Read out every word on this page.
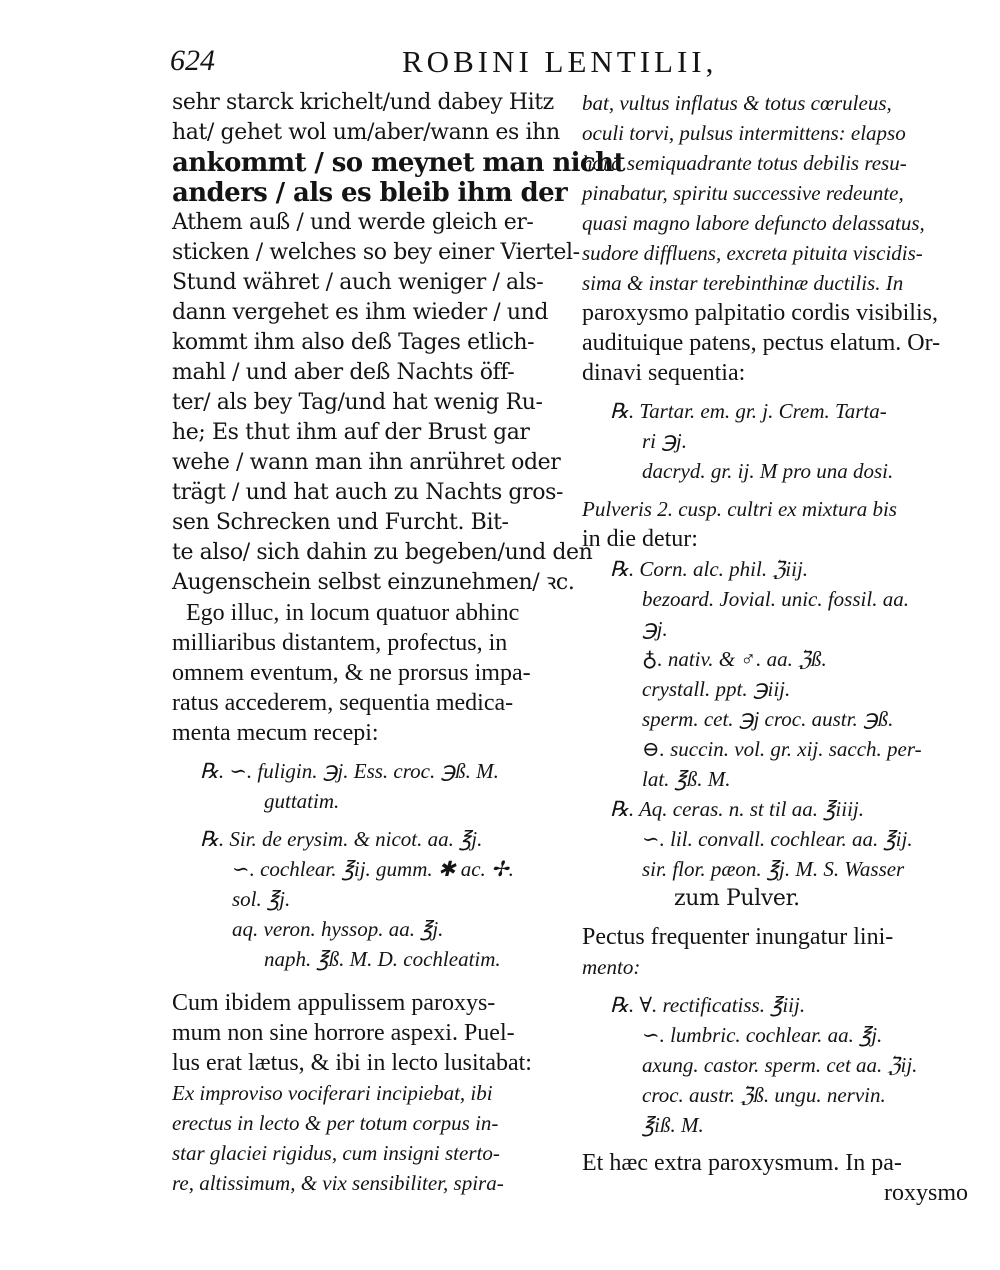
624	ROBINI LENTILII,
sehr starck krichelt/und dabey Hitz
hat/ gehet wol um/aber/wann es ihn
ankommt / so meynet man nicht
anders / als es bleib ihm der
Athem auß / und werde gleich er-
sticken / welches so bey einer Viertel-
Stund währet / auch weniger / als-
dann vergehet es ihm wieder / und
kommt ihm also deß Tages etlich-
mahl / und aber deß Nachts öff-
ter/ als bey Tag/und hat wenig Ru-
he; Es thut ihm auf der Brust gar
wehe / wann man ihn anrühret oder
trägt / und hat auch zu Nachts gros-
sen Schrecken und Furcht. Bit-
te also/ sich dahin zu begeben/und den
Augenschein selbst einzunehmen/ ꝛc.
Ego illuc, in locum quatuor abhinc
milliaribus distantem, profectus, in
omnem eventum, & ne prorsus impa-
ratus accederem, sequentia medica-
menta mecum recepi:
℞. ∽. fuligin. ℈j. Ess. croc. ℈ß. M.
guttatim.
℞. Sir. de erysim. & nicot. aa. ℥j.
∽. cochlear. ℥ij. gumm. ✱ ac. ✢.
sol. ℥j.
aq. veron. hyssop. aa. ℥j.
naph. ℥ß. M. D. cochleatim.
Cum ibidem appulissem paroxys-
mum non sine horrore aspexi. Puel-
lus erat lætus, & ibi in lecto lusitabat:
Ex improviso vociferari incipiebat, ibi
erectus in lecto & per totum corpus in-
star glaciei rigidus, cum insigni sterto-
re, altissimum, & vix sensibiliter, spira-
bat, vultus inflatus & totus cœruleus,
oculi torvi, pulsus intermittens: elapso
hora semiquadrante totus debilis resu-
pinabatur, spiritu successive redeunte,
quasi magno labore defuncto delassatus,
sudore diffluens, excreta pituita viscidis-
sima & instar terebinthinæ ductilis. In
paroxysmo palpitatio cordis visibilis,
audituique patens, pectus elatum. Or-
dinavi sequentia:
℞. Tartar. em. gr. j. Crem. Tarta-
ri ℈j.
dacryd. gr. ij. M pro una dosi.
Pulveris 2. cusp. cultri ex mixtura bis
in die detur:
℞. Corn. alc. phil. ℨiij.
bezoard. Jovial. unic. fossil. aa.
℈j.
♁. nativ. & ♂. aa. ℨß.
crystall. ppt. ℈iij.
sperm. cet. ℈j croc. austr. ℈ß.
⊖. succin. vol. gr. xij. sacch. per-
lat. ℥ß. M.
℞. Aq. ceras. n. st til aa. ℥iiij.
∽. lil. convall. cochlear. aa. ℥ij.
sir. flor. pæon. ℥j. M. S. Wasser
zum Pulver.
Pectus frequenter inungatur lini-
mento:
℞. ∀. rectificatiss. ℥iij.
∽. lumbric. cochlear. aa. ℥j.
axung. castor. sperm. cet aa. ℨij.
croc. austr. ℨß. ungu. nervin.
℥iß. M.
Et hæc extra paroxysmum. In pa-
roxysmo
